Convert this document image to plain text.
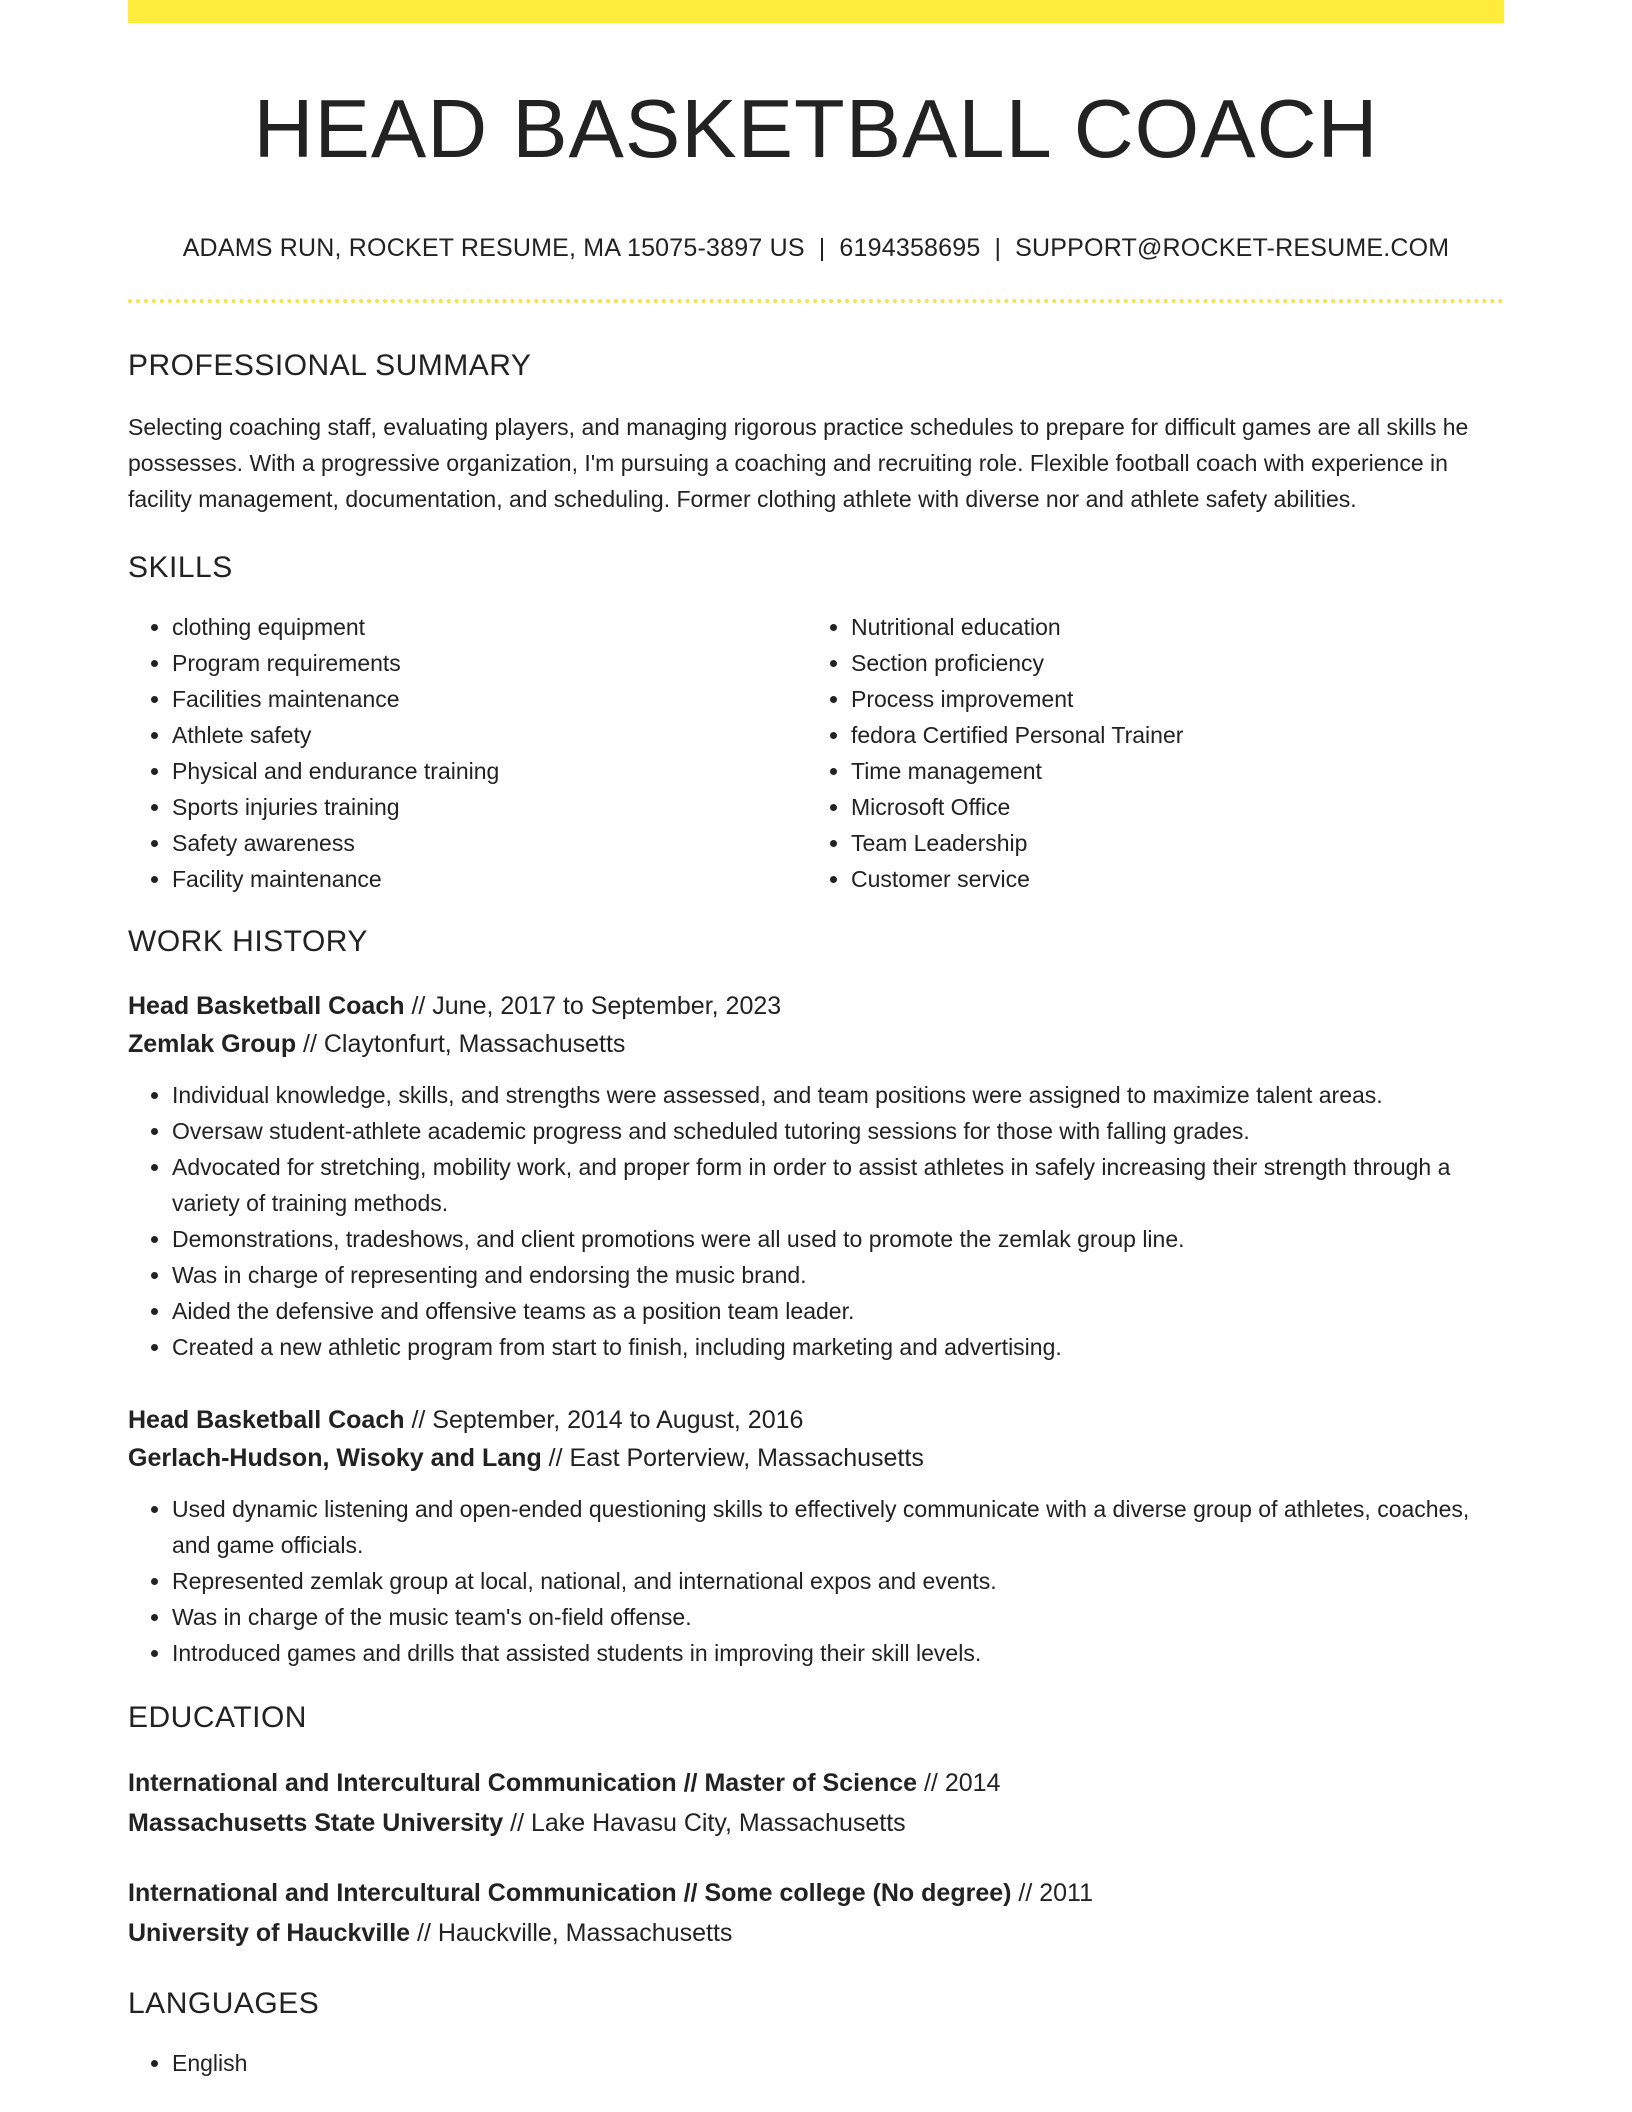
HEAD BASKETBALL COACH
ADAMS RUN, ROCKET RESUME, MA 15075-3897 US | 6194358695 | SUPPORT@ROCKET-RESUME.COM
PROFESSIONAL SUMMARY

Selecting coaching staff, evaluating players, and managing rigorous practice schedules to prepare for difficult games are all skills he possesses. With a progressive organization, I'm pursuing a coaching and recruiting role. Flexible football coach with experience in facility management, documentation, and scheduling. Former clothing athlete with diverse nor and athlete safety abilities.

SKILLS
• clothing equipment
• Program requirements
• Facilities maintenance
• Athlete safety
• Physical and endurance training
• Sports injuries training
• Safety awareness
• Facility maintenance
• Nutritional education
• Section proficiency
• Process improvement
• fedora Certified Personal Trainer
• Time management
• Microsoft Office
• Team Leadership
• Customer service
WORK HISTORY
Head Basketball Coach // June, 2017 to September, 2023
Zemlak Group // Claytonfurt, Massachusetts
• Individual knowledge, skills, and strengths were assessed, and team positions were assigned to maximize talent areas.
• Oversaw student-athlete academic progress and scheduled tutoring sessions for those with falling grades.
• Advocated for stretching, mobility work, and proper form in order to assist athletes in safely increasing their strength through a variety of training methods.
• Demonstrations, tradeshows, and client promotions were all used to promote the zemlak group line.
• Was in charge of representing and endorsing the music brand.
• Aided the defensive and offensive teams as a position team leader.
• Created a new athletic program from start to finish, including marketing and advertising.
Head Basketball Coach // September, 2014 to August, 2016
Gerlach-Hudson, Wisoky and Lang // East Porterview, Massachusetts
• Used dynamic listening and open-ended questioning skills to effectively communicate with a diverse group of athletes, coaches, and game officials.
• Represented zemlak group at local, national, and international expos and events.
• Was in charge of the music team's on-field offense.
• Introduced games and drills that assisted students in improving their skill levels.
EDUCATION
International and Intercultural Communication // Master of Science // 2014
Massachusetts State University // Lake Havasu City, Massachusetts
International and Intercultural Communication // Some college (No degree) // 2011
University of Hauckville // Hauckville, Massachusetts
LANGUAGES
• English
